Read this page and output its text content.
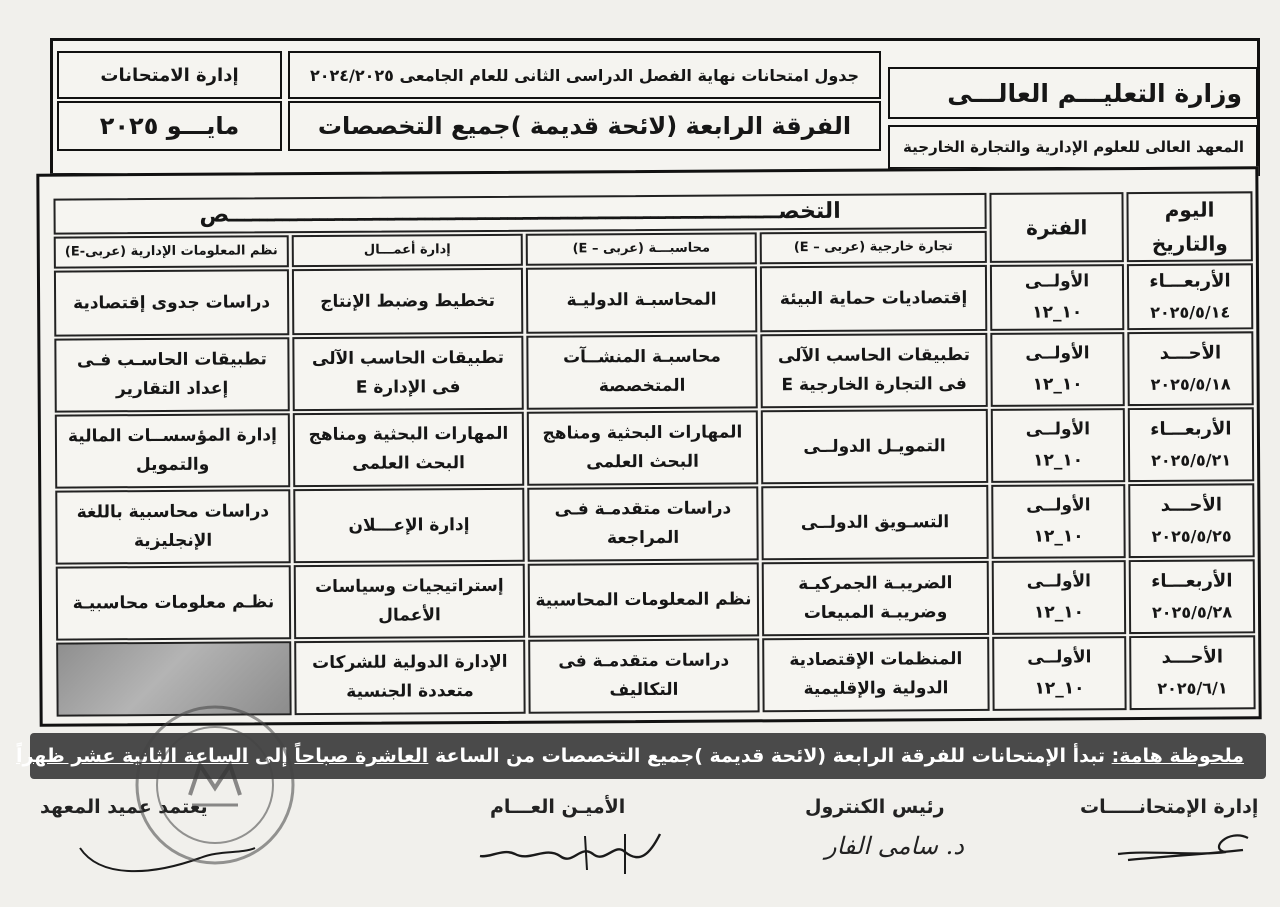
وزارة التعليـــم العالـــى
المعهد العالى للعلوم الإدارية والتجارة الخارجية
جدول امتحانات نهاية الفصل الدراسى الثانى للعام الجامعى ٢٠٢٤/٢٠٢٥
الفرقة الرابعة (لائحة قديمة )جميع التخصصات
إدارة الامتحانات
مايـــو ٢٠٢٥
اليوم والتاريخ
الفترة
التخصـــــــــــــــــــــــــــــــــــــــــــــــــــــــــــــــــــــــــص
تجارة خارجية (عربى – E)
محاسبـــة (عربى – E)
إدارة أعمـــال
نظم المعلومات الإدارية (عربى-E)
الأربعـــاء
٢٠٢٥/٥/١٤
الأولــى
١٠_١٢
إقتصاديات حماية البيئة
المحاسبـة الدوليـة
تخطيط وضبط الإنتاج
دراسات جدوى إقتصادية
الأحـــد
٢٠٢٥/٥/١٨
الأولــى
١٠_١٢
تطبيقات الحاسب الآلى
فى التجارة الخارجية E
محاسبـة المنشــآت
المتخصصة
تطبيقات الحاسب الآلى
فى الإدارة E
تطبيقات الحاسـب فـى
إعداد التقارير
الأربعـــاء
٢٠٢٥/٥/٢١
الأولــى
١٠_١٢
التمويـل الدولــى
المهارات البحثية ومناهج
البحث العلمى
المهارات البحثية ومناهج
البحث العلمى
إدارة المؤسســات المالية
والتمويل
الأحـــد
٢٠٢٥/٥/٢٥
الأولــى
١٠_١٢
التسـويق الدولــى
دراسات متقدمـة فـى
المراجعة
إدارة الإعـــلان
دراسات محاسبية باللغة
الإنجليزية
الأربعـــاء
٢٠٢٥/٥/٢٨
الأولــى
١٠_١٢
الضريبـة الجمركيـة
وضريبـة المبيعات
نظم المعلومات المحاسبية
إستراتيجيات وسياسات
الأعمال
نظـم معلومات محاسبيـة
الأحـــد
٢٠٢٥/٦/١
الأولــى
١٠_١٢
المنظمات الإقتصادية
الدولية والإقليمية
دراسات متقدمـة فى
التكاليف
الإدارة الدولية للشركات
متعددة الجنسية
ملحوظة هامة:
تبدأ الإمتحانات للفرقة الرابعة (لائحة قديمة )جميع التخصصات من الساعة
العاشرة صباحاً
إلى
الساعة الثانية عشر ظهراً
إدارة الإمتحانـــــات
رئيس الكنترول
الأميـن العـــام
يعتمد عميد المعهد
د. سامى الفار
